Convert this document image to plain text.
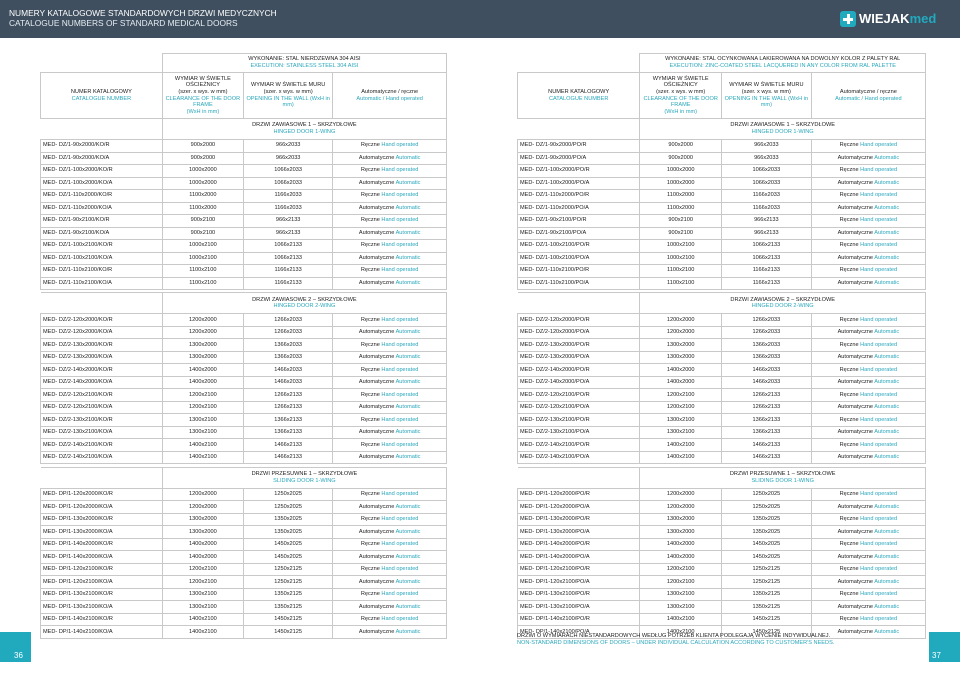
NUMERY KATALOGOWE STANDARDOWYCH DRZWI MEDYCZNYCH
CATALOGUE NUMBERS OF STANDARD MEDICAL DOORS	WIEJAKmed
	WYKONANIE: STAL NIERDZEWNA 304 AISI
EXECUTION: STAINLESS STEEL 304 AISI		
NUMER KATALOGOWY
CATALOGUE NUMBER	WYMIAR W ŚWIETLE OŚCIEŻNICY
(szer. x wys. w mm)
CLEARANCE OF THE DOOR FRAME
(WxH in mm)	WYMIAR W ŚWIETLE MURU
(szer. x wys. w mm)
OPENING IN THE WALL (WxH in mm)	Automatyczne / ręczne
Automatic / Hand operated
	DRZWI ZAWIASOWE 1 – SKRZYDŁOWE
HINGED DOOR 1-WING		
MED- DZ/1-90x2000/KO/R	900x2000	966x2033	Ręczne Hand operated
MED- DZ/1-90x2000/KO/A	900x2000	966x2033	Automatyczne Automatic
MED- DZ/1-100x2000/KO/R	1000x2000	1066x2033	Ręczne Hand operated
MED- DZ/1-100x2000/KO/A	1000x2000	1066x2033	Automatyczne Automatic
MED- DZ/1-110x2000/KO/R	1100x2000	1166x2033	Ręczne Hand operated
MED- DZ/1-110x2000/KO/A	1100x2000	1166x2033	Automatyczne Automatic
MED- DZ/1-90x2100/KO/R	900x2100	966x2133	Ręczne Hand operated
MED- DZ/1-90x2100/KO/A	900x2100	966x2133	Automatyczne Automatic
MED- DZ/1-100x2100/KO/R	1000x2100	1066x2133	Ręczne Hand operated
MED- DZ/1-100x2100/KO/A	1000x2100	1066x2133	Automatyczne Automatic
MED- DZ/1-110x2100/KO/R	1100x2100	1166x2133	Ręczne Hand operated
MED- DZ/1-110x2100/KO/A	1100x2100	1166x2133	Automatyczne Automatic

	DRZWI ZAWIASOWE 2 – SKRZYDŁOWE
HINGED DOOR 2-WING		
MED- DZ/2-120x2000/KO/R	1200x2000	1266x2033	Ręczne Hand operated
MED- DZ/2-120x2000/KO/A	1200x2000	1266x2033	Automatyczne Automatic
MED- DZ/2-130x2000/KO/R	1300x2000	1366x2033	Ręczne Hand operated
MED- DZ/2-130x2000/KO/A	1300x2000	1366x2033	Automatyczne Automatic
MED- DZ/2-140x2000/KO/R	1400x2000	1466x2033	Ręczne Hand operated
MED- DZ/2-140x2000/KO/A	1400x2000	1466x2033	Automatyczne Automatic
MED- DZ/2-120x2100/KO/R	1200x2100	1266x2133	Ręczne Hand operated
MED- DZ/2-120x2100/KO/A	1200x2100	1266x2133	Automatyczne Automatic
MED- DZ/2-130x2100/KO/R	1300x2100	1366x2133	Ręczne Hand operated
MED- DZ/2-130x2100/KO/A	1300x2100	1366x2133	Automatyczne Automatic
MED- DZ/2-140x2100/KO/R	1400x2100	1466x2133	Ręczne Hand operated
MED- DZ/2-140x2100/KO/A	1400x2100	1466x2133	Automatyczne Automatic

	DRZWI PRZESUWNE 1 – SKRZYDŁOWE
SLIDING DOOR 1-WING		
MED- DP/1-120x2000/KO/R	1200x2000	1250x2025	Ręczne Hand operated
MED- DP/1-120x2000/KO/A	1200x2000	1250x2025	Automatyczne Automatic
MED- DP/1-130x2000/KO/R	1300x2000	1350x2025	Ręczne Hand operated
MED- DP/1-130x2000/KO/A	1300x2000	1350x2025	Automatyczne Automatic
MED- DP/1-140x2000/KO/R	1400x2000	1450x2025	Ręczne Hand operated
MED- DP/1-140x2000/KO/A	1400x2000	1450x2025	Automatyczne Automatic
MED- DP/1-120x2100/KO/R	1200x2100	1250x2125	Ręczne Hand operated
MED- DP/1-120x2100/KO/A	1200x2100	1250x2125	Automatyczne Automatic
MED- DP/1-130x2100/KO/R	1300x2100	1350x2125	Ręczne Hand operated
MED- DP/1-130x2100/KO/A	1300x2100	1350x2125	Automatyczne Automatic
MED- DP/1-140x2100/KO/R	1400x2100	1450x2125	Ręczne Hand operated
MED- DP/1-140x2100/KO/A	1400x2100	1450x2125	Automatyczne Automatic
	WYKONANIE: STAL OCYNKOWANA LAKIEROWANA NA DOWOLNY KOLOR Z PALETY RAL
EXECUTION: ZINC-COATED STEEL LACQUERED IN ANY COLOR FROM RAL PALETTE		
NUMER KATALOGOWY
CATALOGUE NUMBER	WYMIAR W ŚWIETLE OŚCIEŻNICY
(szer. x wys. w mm)
CLEARANCE OF THE DOOR FRAME
(WxH in mm)	WYMIAR W ŚWIETLE MURU
(szer. x wys. w mm)
OPENING IN THE WALL (WxH in mm)	Automatyczne / ręczne
Automatic / Hand operated
	DRZWI ZAWIASOWE 1 – SKRZYDŁOWE
HINGED DOOR 1-WING		
MED- DZ/1-90x2000/PO/R	900x2000	966x2033	Ręczne Hand operated
MED- DZ/1-90x2000/PO/A	900x2000	966x2033	Automatyczne Automatic
MED- DZ/1-100x2000/PO/R	1000x2000	1066x2033	Ręczne Hand operated
MED- DZ/1-100x2000/PO/A	1000x2000	1066x2033	Automatyczne Automatic
MED- DZ/1-110x2000/PO/R	1100x2000	1166x2033	Ręczne Hand operated
MED- DZ/1-110x2000/PO/A	1100x2000	1166x2033	Automatyczne Automatic
MED- DZ/1-90x2100/PO/R	900x2100	966x2133	Ręczne Hand operated
MED- DZ/1-90x2100/PO/A	900x2100	966x2133	Automatyczne Automatic
MED- DZ/1-100x2100/PO/R	1000x2100	1066x2133	Ręczne Hand operated
MED- DZ/1-100x2100/PO/A	1000x2100	1066x2133	Automatyczne Automatic
MED- DZ/1-110x2100/PO/R	1100x2100	1166x2133	Ręczne Hand operated
MED- DZ/1-110x2100/PO/A	1100x2100	1166x2133	Automatyczne Automatic

	DRZWI ZAWIASOWE 2 – SKRZYDŁOWE
HINGED DOOR 2-WING		
MED- DZ/2-120x2000/PO/R	1200x2000	1266x2033	Ręczne Hand operated
MED- DZ/2-120x2000/PO/A	1200x2000	1266x2033	Automatyczne Automatic
MED- DZ/2-130x2000/PO/R	1300x2000	1366x2033	Ręczne Hand operated
MED- DZ/2-130x2000/PO/A	1300x2000	1366x2033	Automatyczne Automatic
MED- DZ/2-140x2000/PO/R	1400x2000	1466x2033	Ręczne Hand operated
MED- DZ/2-140x2000/PO/A	1400x2000	1466x2033	Automatyczne Automatic
MED- DZ/2-120x2100/PO/R	1200x2100	1266x2133	Ręczne Hand operated
MED- DZ/2-120x2100/PO/A	1200x2100	1266x2133	Automatyczne Automatic
MED- DZ/2-130x2100/PO/R	1300x2100	1366x2133	Ręczne Hand operated
MED- DZ/2-130x2100/PO/A	1300x2100	1366x2133	Automatyczne Automatic
MED- DZ/2-140x2100/PO/R	1400x2100	1466x2133	Ręczne Hand operated
MED- DZ/2-140x2100/PO/A	1400x2100	1466x2133	Automatyczne Automatic

	DRZWI PRZESUWNE 1 – SKRZYDŁOWE
SLIDING DOOR 1-WING		
MED- DP/1-120x2000/PO/R	1200x2000	1250x2025	Ręczne Hand operated
MED- DP/1-120x2000/PO/A	1200x2000	1250x2025	Automatyczne Automatic
MED- DP/1-130x2000/PO/R	1300x2000	1350x2025	Ręczne Hand operated
MED- DP/1-130x2000/PO/A	1300x2000	1350x2025	Automatyczne Automatic
MED- DP/1-140x2000/PO/R	1400x2000	1450x2025	Ręczne Hand operated
MED- DP/1-140x2000/PO/A	1400x2000	1450x2025	Automatyczne Automatic
MED- DP/1-120x2100/PO/R	1200x2100	1250x2125	Ręczne Hand operated
MED- DP/1-120x2100/PO/A	1200x2100	1250x2125	Automatyczne Automatic
MED- DP/1-130x2100/PO/R	1300x2100	1350x2125	Ręczne Hand operated
MED- DP/1-130x2100/PO/A	1300x2100	1350x2125	Automatyczne Automatic
MED- DP/1-140x2100/PO/R	1400x2100	1450x2125	Ręczne Hand operated
MED- DP/1-140x2100/PO/A	1400x2100	1450x2125	Automatyczne Automatic
DRZWI O WYMIARACH NIESTANDARDOWYCH WEDŁUG POTRZEB KLIENTA PODLEGAJĄ WYCENIE INDYWIDUALNEJ.
NON-STANDARD DIMENSIONS OF DOORS – UNDER INDIVIDUAL CALCULATION ACCORDING TO CUSTOMER'S NEEDS.
36	37
